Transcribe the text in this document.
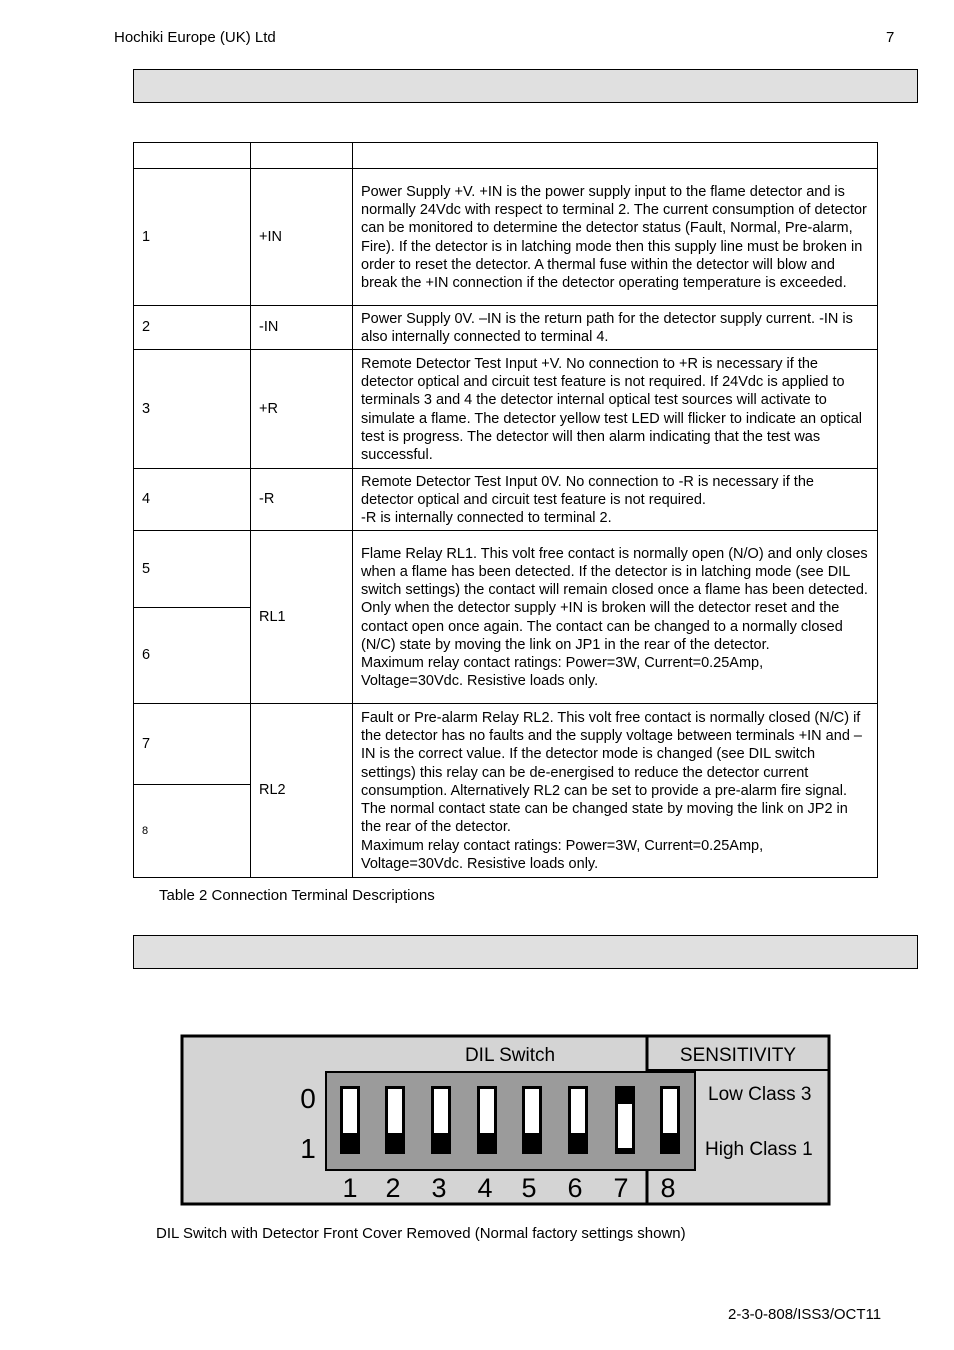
Hochiki Europe (UK) Ltd	7

1	+IN	Power Supply +V. +IN is the power supply input to the flame detector and is normally 24Vdc with respect to terminal 2. The current consumption of detector can be monitored to determine the detector status (Fault, Normal, Pre-alarm, Fire). If the detector is in latching mode then this supply line must be broken in order to reset the detector. A thermal fuse within the detector will blow and break the +IN connection if the detector operating temperature is exceeded.
2	-IN	Power Supply 0V. –IN is the return path for the detector supply current. -IN is also internally connected to terminal 4.
3	+R	Remote Detector Test Input +V. No connection to +R is necessary if the detector optical and circuit test feature is not required. If 24Vdc is applied to terminals 3 and 4 the detector internal optical test sources will activate to simulate a flame. The detector yellow test LED will flicker to indicate an optical test is progress. The detector will then alarm indicating that the test was successful.
4	-R	Remote Detector Test Input 0V. No connection to -R is necessary if the detector optical and circuit test feature is not required.
-R is internally connected to terminal 2.

5	RL1	Flame Relay RL1. This volt free contact is normally open (N/O) and only closes when a flame has been detected. If the detector is in latching mode (see DIL switch settings) the contact will remain closed once a flame has been detected. Only when the detector supply +IN is broken will the detector reset and the contact open once again. The contact can be changed to a normally closed (N/C) state by moving the link on JP1 in the rear of the detector.
Maximum relay contact ratings: Power=3W, Current=0.25Amp, Voltage=30Vdc. Resistive loads only.

6		
7	RL2	Fault or Pre-alarm Relay RL2. This volt free contact is normally closed (N/C) if the detector has no faults and the supply voltage between terminals +IN and –IN is the correct value. If the detector mode is changed (see DIL switch settings) this relay can be de-energised to reduce the detector current consumption. Alternatively RL2 can be set to provide a pre-alarm fire signal. The normal contact state can be changed state by moving the link on JP2 in the rear of the detector.
Maximum relay contact ratings: Power=3W, Current=0.25Amp, Voltage=30Vdc. Resistive loads only.

8		
Table 2 Connection Terminal Descriptions
DIL Switch	SENSITIVITY
0
1
Low Class 3
High Class 1
1 2 3 4 5 6 7 8
DIL Switch with Detector Front Cover Removed (Normal factory settings shown)
2-3-0-808/ISS3/OCT11
